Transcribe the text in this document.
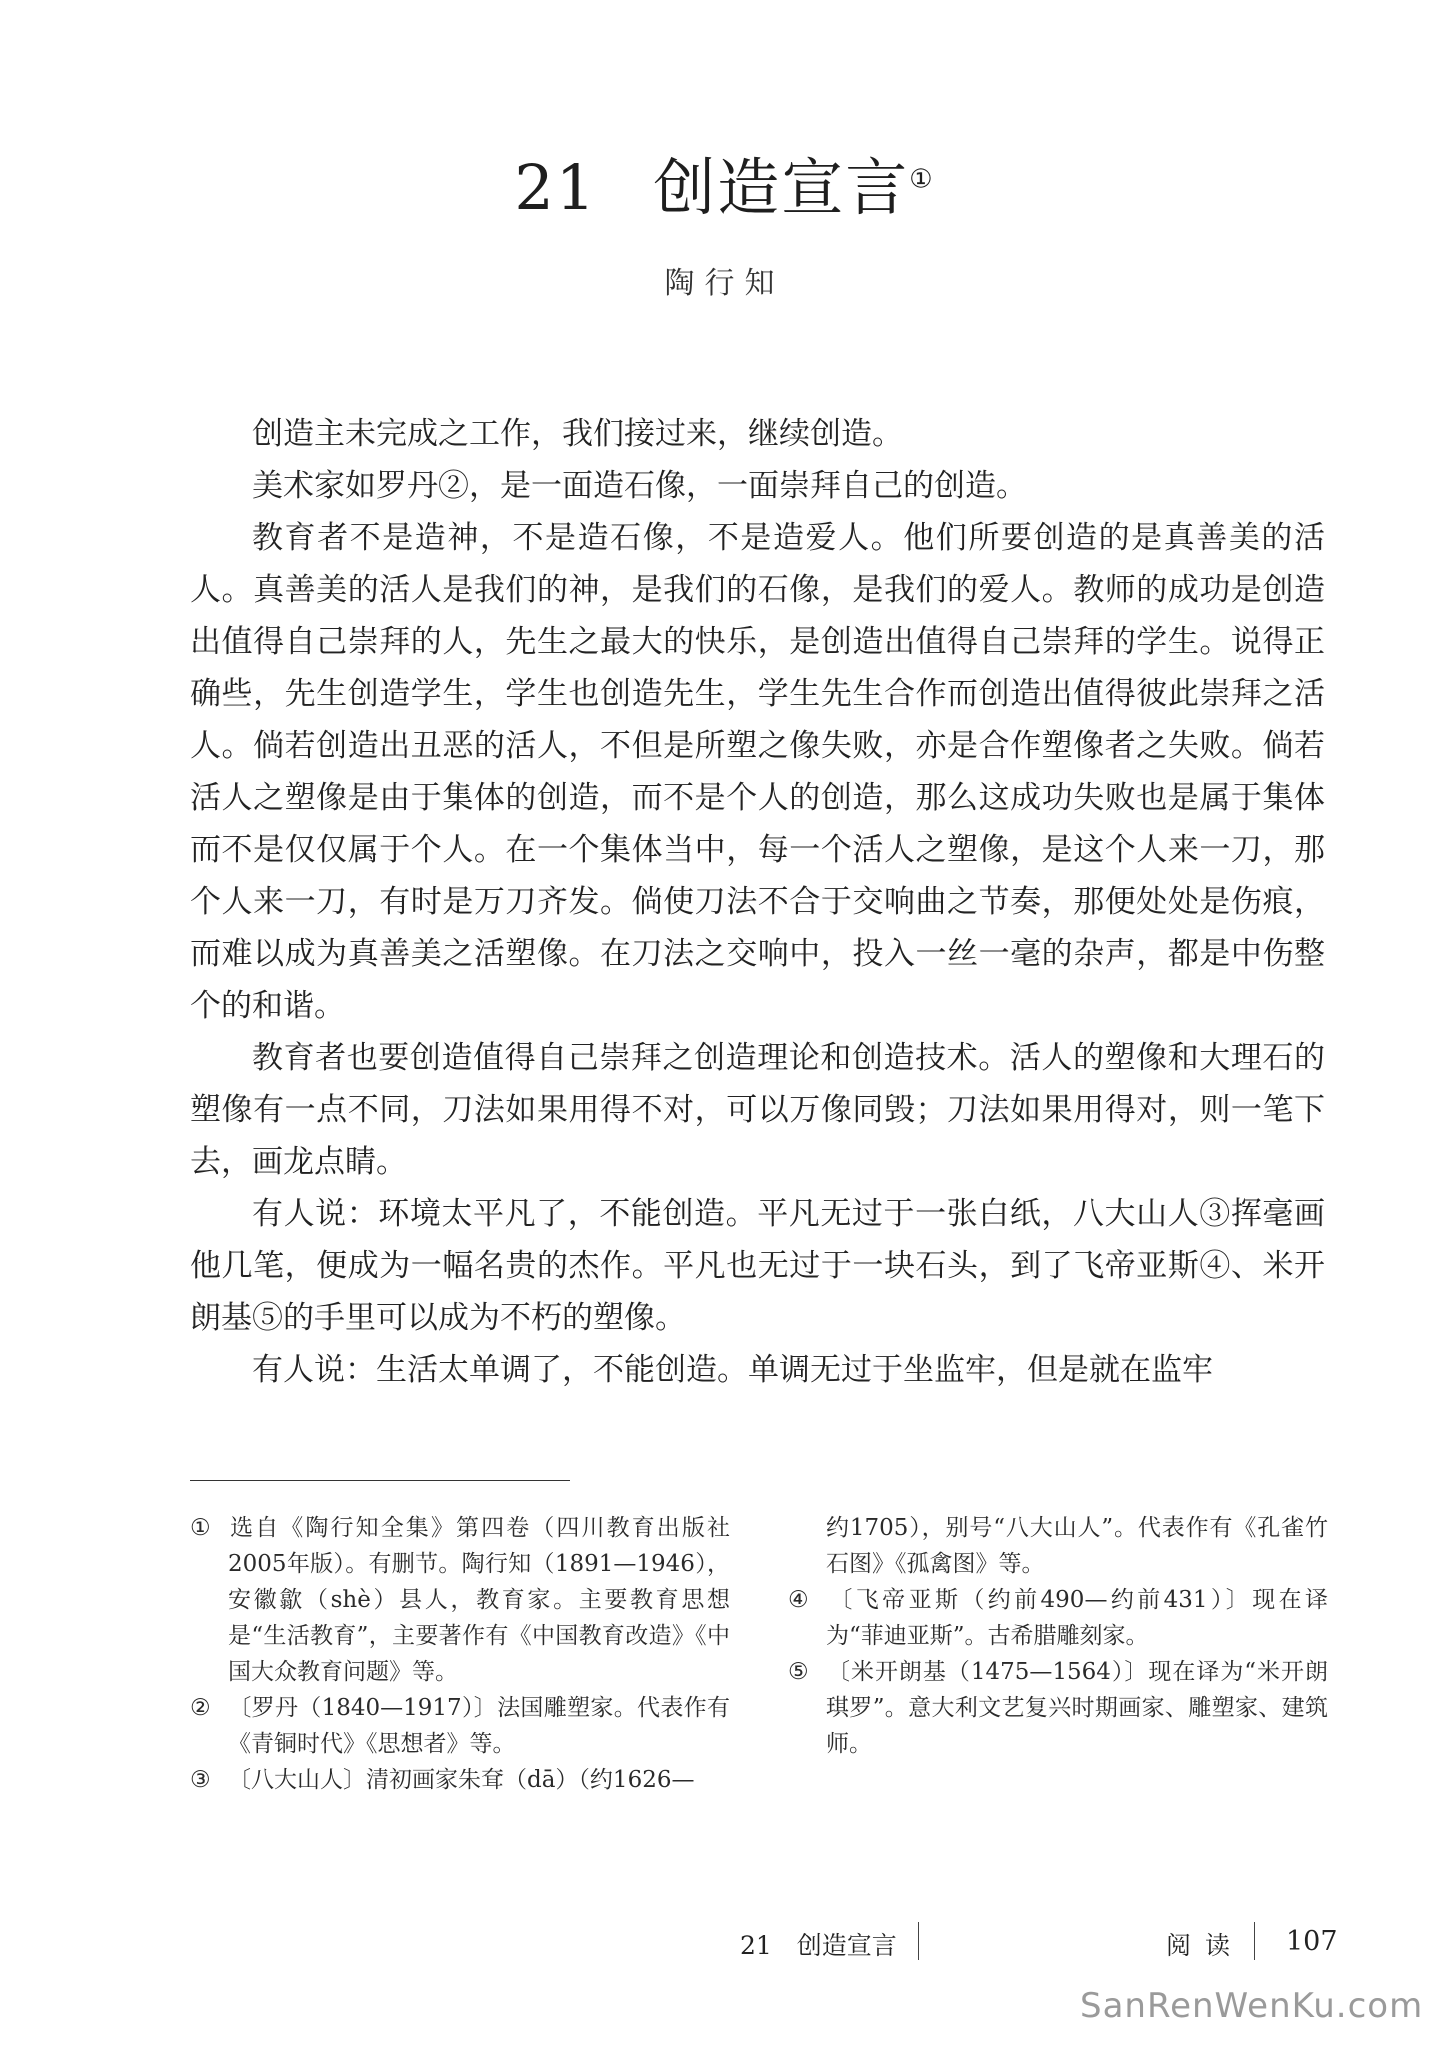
21 创造宣言①
陶行知

创造主未完成之工作，我们接过来，继续创造。

美术家如罗丹②，是一面造石像，一面崇拜自己的创造。

教育者不是造神，不是造石像，不是造爱人。他们所要创造的是真善美的活人。真善美的活人是我们的神，是我们的石像，是我们的爱人。教师的成功是创造出值得自己崇拜的人，先生之最大的快乐，是创造出值得自己崇拜的学生。说得正确些，先生创造学生，学生也创造先生，学生先生合作而创造出值得彼此崇拜之活人。倘若创造出丑恶的活人，不但是所塑之像失败，亦是合作塑像者之失败。倘若活人之塑像是由于集体的创造，而不是个人的创造，那么这成功失败也是属于集体而不是仅仅属于个人。在一个集体当中，每一个活人之塑像，是这个人来一刀，那个人来一刀，有时是万刀齐发。倘使刀法不合于交响曲之节奏，那便处处是伤痕，而难以成为真善美之活塑像。在刀法之交响中，投入一丝一毫的杂声，都是中伤整个的和谐。

教育者也要创造值得自己崇拜之创造理论和创造技术。活人的塑像和大理石的塑像有一点不同，刀法如果用得不对，可以万像同毁；刀法如果用得对，则一笔下去，画龙点睛。

有人说：环境太平凡了，不能创造。平凡无过于一张白纸，八大山人③挥毫画他几笔，便成为一幅名贵的杰作。平凡也无过于一块石头，到了飞帝亚斯④、米开朗基⑤的手里可以成为不朽的塑像。

有人说：生活太单调了，不能创造。单调无过于坐监牢，但是就在监牢

① 选自《陶行知全集》第四卷（四川教育出版社2005年版）。有删节。陶行知（1891—1946），安徽歙（shè）县人，教育家。主要教育思想是“生活教育”，主要著作有《中国教育改造》《中国大众教育问题》等。
② 〔罗丹（1840—1917）〕法国雕塑家。代表作有《青铜时代》《思想者》等。
③ 〔八大山人〕清初画家朱耷（dā）（约1626—
约1705），别号“八大山人”。代表作有《孔雀竹石图》《孤禽图》等。
④ 〔飞帝亚斯（约前490—约前431）〕现在译为“菲迪亚斯”。古希腊雕刻家。
⑤ 〔米开朗基（1475—1564）〕现在译为“米开朗琪罗”。意大利文艺复兴时期画家、雕塑家、建筑师。
21　创造宣言	阅读 107
SanRenWenKu.com
